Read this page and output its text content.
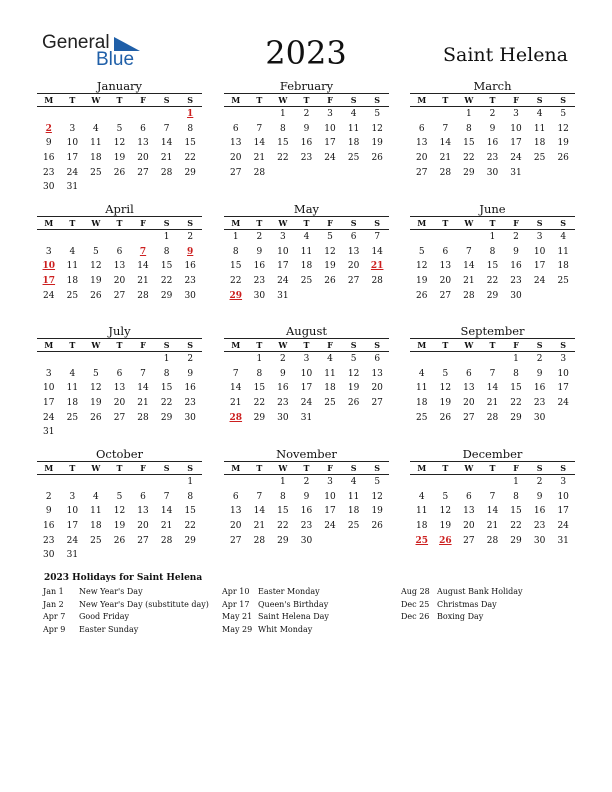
General
Blue	2023	Saint Helena
January
M	T	W	T	F	S	S
						1
2	3	4	5	6	7	8
9	10	11	12	13	14	15
16	17	18	19	20	21	22
23	24	25	26	27	28	29
30	31					
February
M	T	W	T	F	S	S
		1	2	3	4	5
6	7	8	9	10	11	12
13	14	15	16	17	18	19
20	21	22	23	24	25	26
27	28					
March
M	T	W	T	F	S	S
		1	2	3	4	5
6	7	8	9	10	11	12
13	14	15	16	17	18	19
20	21	22	23	24	25	26
27	28	29	30	31		
April
M	T	W	T	F	S	S
					1	2
3	4	5	6	7	8	9
10	11	12	13	14	15	16
17	18	19	20	21	22	23
24	25	26	27	28	29	30
May
M	T	W	T	F	S	S
1	2	3	4	5	6	7
8	9	10	11	12	13	14
15	16	17	18	19	20	21
22	23	24	25	26	27	28
29	30	31				
June
M	T	W	T	F	S	S
			1	2	3	4
5	6	7	8	9	10	11
12	13	14	15	16	17	18
19	20	21	22	23	24	25
26	27	28	29	30		
July
M	T	W	T	F	S	S
					1	2
3	4	5	6	7	8	9
10	11	12	13	14	15	16
17	18	19	20	21	22	23
24	25	26	27	28	29	30
31						
August
M	T	W	T	F	S	S
	1	2	3	4	5	6
7	8	9	10	11	12	13
14	15	16	17	18	19	20
21	22	23	24	25	26	27
28	29	30	31			
September
M	T	W	T	F	S	S
				1	2	3
4	5	6	7	8	9	10
11	12	13	14	15	16	17
18	19	20	21	22	23	24
25	26	27	28	29	30	
October
M	T	W	T	F	S	S
						1
2	3	4	5	6	7	8
9	10	11	12	13	14	15
16	17	18	19	20	21	22
23	24	25	26	27	28	29
30	31					
November
M	T	W	T	F	S	S
		1	2	3	4	5
6	7	8	9	10	11	12
13	14	15	16	17	18	19
20	21	22	23	24	25	26
27	28	29	30			
December
M	T	W	T	F	S	S
				1	2	3
4	5	6	7	8	9	10
11	12	13	14	15	16	17
18	19	20	21	22	23	24
25	26	27	28	29	30	31
2023 Holidays for Saint Helena
Jan 1 New Year's Day
Jan 2 New Year's Day (substitute day)
Apr 7 Good Friday
Apr 9 Easter Sunday
Apr 10 Easter Monday
Apr 17 Queen's Birthday
May 21 Saint Helena Day
May 29 Whit Monday
Aug 28 August Bank Holiday
Dec 25 Christmas Day
Dec 26 Boxing Day
